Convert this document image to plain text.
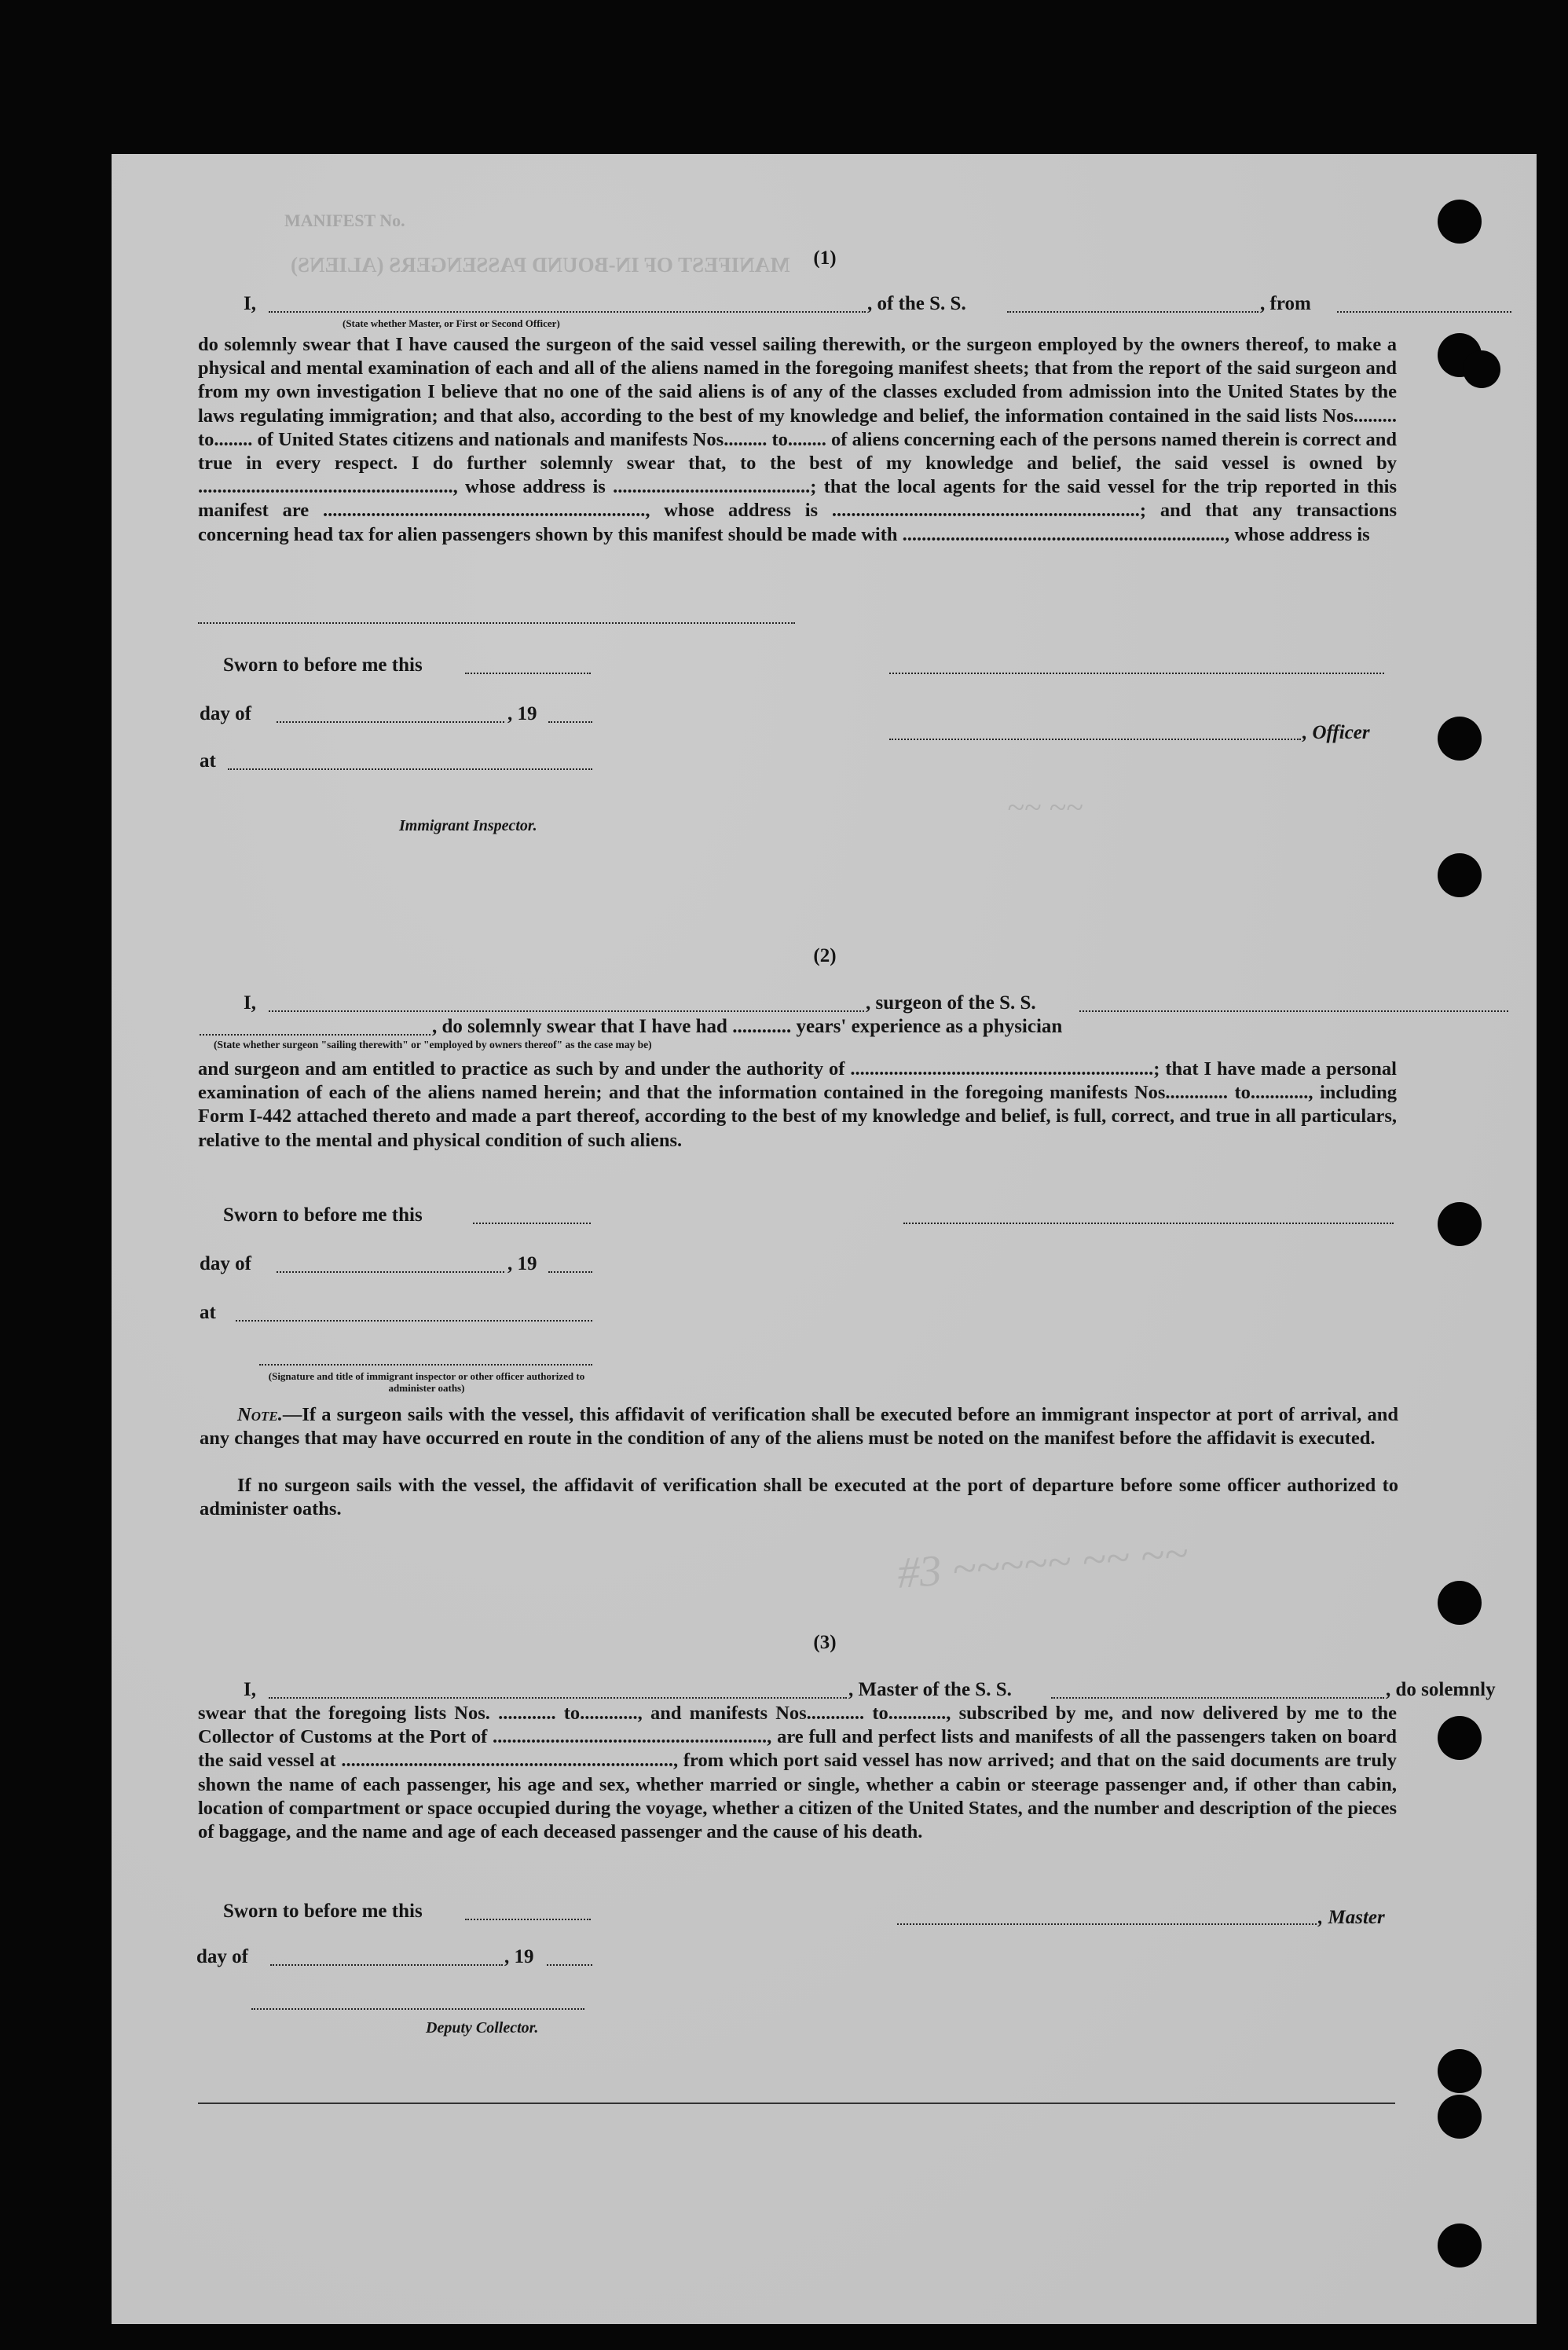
MANIFEST No.
MANIFEST OF IN-BOUND PASSENGERS (ALIENS)	(1)
I,	, of the S. S.	, from
(State whether Master, or First or Second Officer)

do solemnly swear that I have caused the surgeon of the said vessel sailing therewith, or the surgeon employed by the owners thereof, to make a physical and mental examination of each and all of the aliens named in the foregoing manifest sheets; that from the report of the said surgeon and from my own investigation I believe that no one of the said aliens is of any of the classes excluded from admission into the United States by the laws regulating immigration; and that also, according to the best of my knowledge and belief, the information contained in the said lists Nos......... to........ of United States citizens and nationals and manifests Nos......... to........ of aliens concerning each of the persons named therein is correct and true in every respect. I do further solemnly swear that, to the best of my knowledge and belief, the said vessel is owned by ....................................................., whose address is .........................................; that the local agents for the said vessel for the trip reported in this manifest are ..................................................................., whose address is ................................................................; and that any transactions concerning head tax for alien passengers shown by this manifest should be made with ..................................................................., whose address is

Sworn to before me this
day of	, 19
, Officer
at
Immigrant Inspector.
~~ ~~
(2)
I,	, surgeon of the S. S.
, do solemnly swear that I have had ............ years' experience as a physician
(State whether surgeon "sailing therewith" or "employed by owners thereof" as the case may be)

and surgeon and am entitled to practice as such by and under the authority of ...............................................................; that I have made a personal examination of each of the aliens named herein; and that the information contained in the foregoing manifests Nos............. to............, including Form I-442 attached thereto and made a part thereof, according to the best of my knowledge and belief, is full, correct, and true in all particulars, relative to the mental and physical condition of such aliens.

Sworn to before me this
day of	, 19
at
(Signature and title of immigrant inspector or other officer authorized to administer oaths)
Note.—If a surgeon sails with the vessel, this affidavit of verification shall be executed before an immigrant inspector at port of arrival, and any changes that may have occurred en route in the condition of any of the aliens must be noted on the manifest before the affidavit is executed.

If no surgeon sails with the vessel, the affidavit of verification shall be executed at the port of departure before some officer authorized to administer oaths.

#3 ~~~~~ ~~ ~~
(3)
I,	, Master of the S. S.	, do solemnly

swear that the foregoing lists Nos. ............ to............, and manifests Nos............ to............, subscribed by me, and now delivered by me to the Collector of Customs at the Port of ........................................................., are full and perfect lists and manifests of all the passengers taken on board the said vessel at ....................................................................., from which port said vessel has now arrived; and that on the said documents are truly shown the name of each passenger, his age and sex, whether married or single, whether a cabin or steerage passenger and, if other than cabin, location of compartment or space occupied during the voyage, whether a citizen of the United States, and the number and description of the pieces of baggage, and the name and age of each deceased passenger and the cause of his death.

Sworn to before me this	, Master
day of	, 19
Deputy Collector.
